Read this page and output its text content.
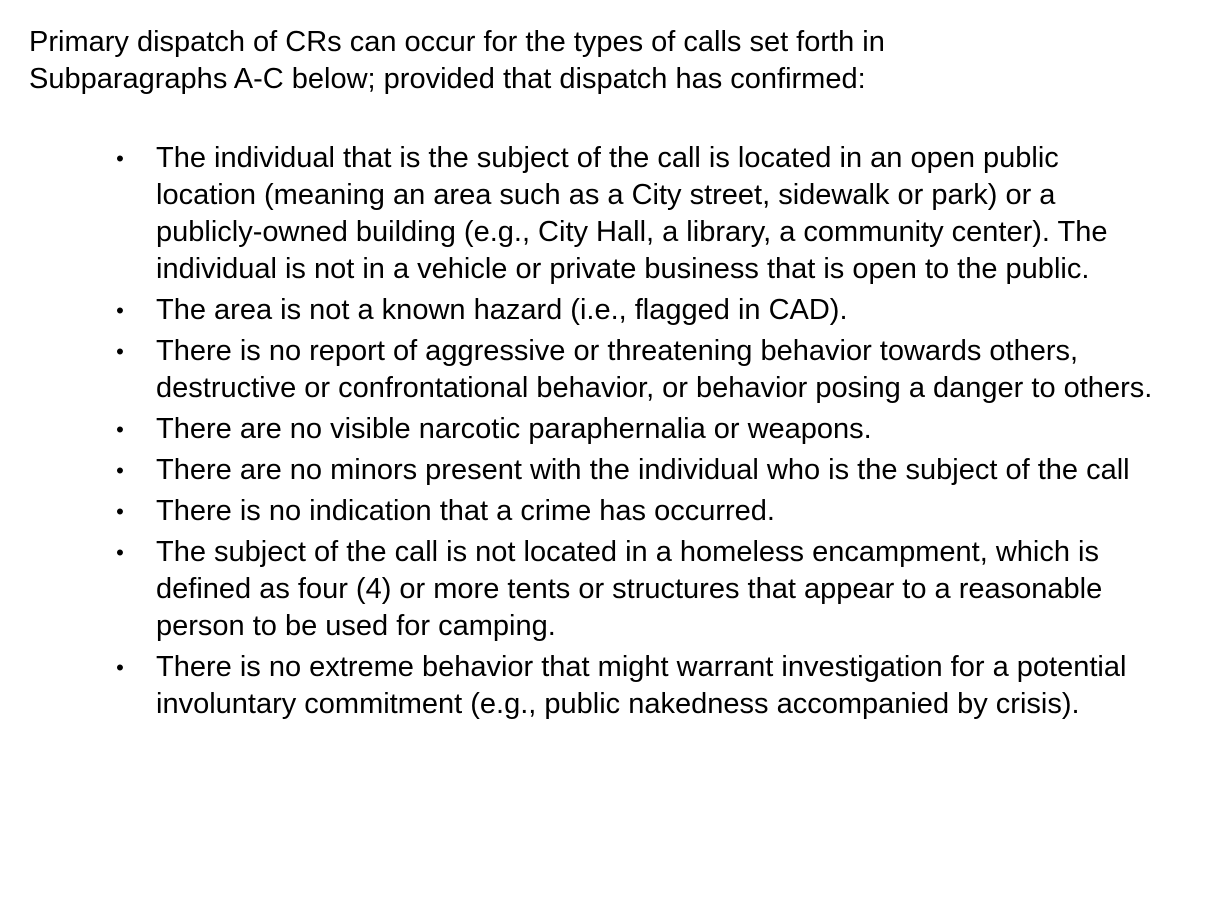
Primary dispatch of CRs can occur for the types of calls set forth in Subparagraphs A-C below; provided that dispatch has confirmed:

• The individual that is the subject of the call is located in an open public location (meaning an area such as a City street, sidewalk or park) or a publicly-owned building (e.g., City Hall, a library, a community center). The individual is not in a vehicle or private business that is open to the public.
• The area is not a known hazard (i.e., flagged in CAD).
• There is no report of aggressive or threatening behavior towards others, destructive or confrontational behavior, or behavior posing a danger to others.
• There are no visible narcotic paraphernalia or weapons.
• There are no minors present with the individual who is the subject of the call
• There is no indication that a crime has occurred.
• The subject of the call is not located in a homeless encampment, which is defined as four (4) or more tents or structures that appear to a reasonable person to be used for camping.
• There is no extreme behavior that might warrant investigation for a potential involuntary commitment (e.g., public nakedness accompanied by crisis).
